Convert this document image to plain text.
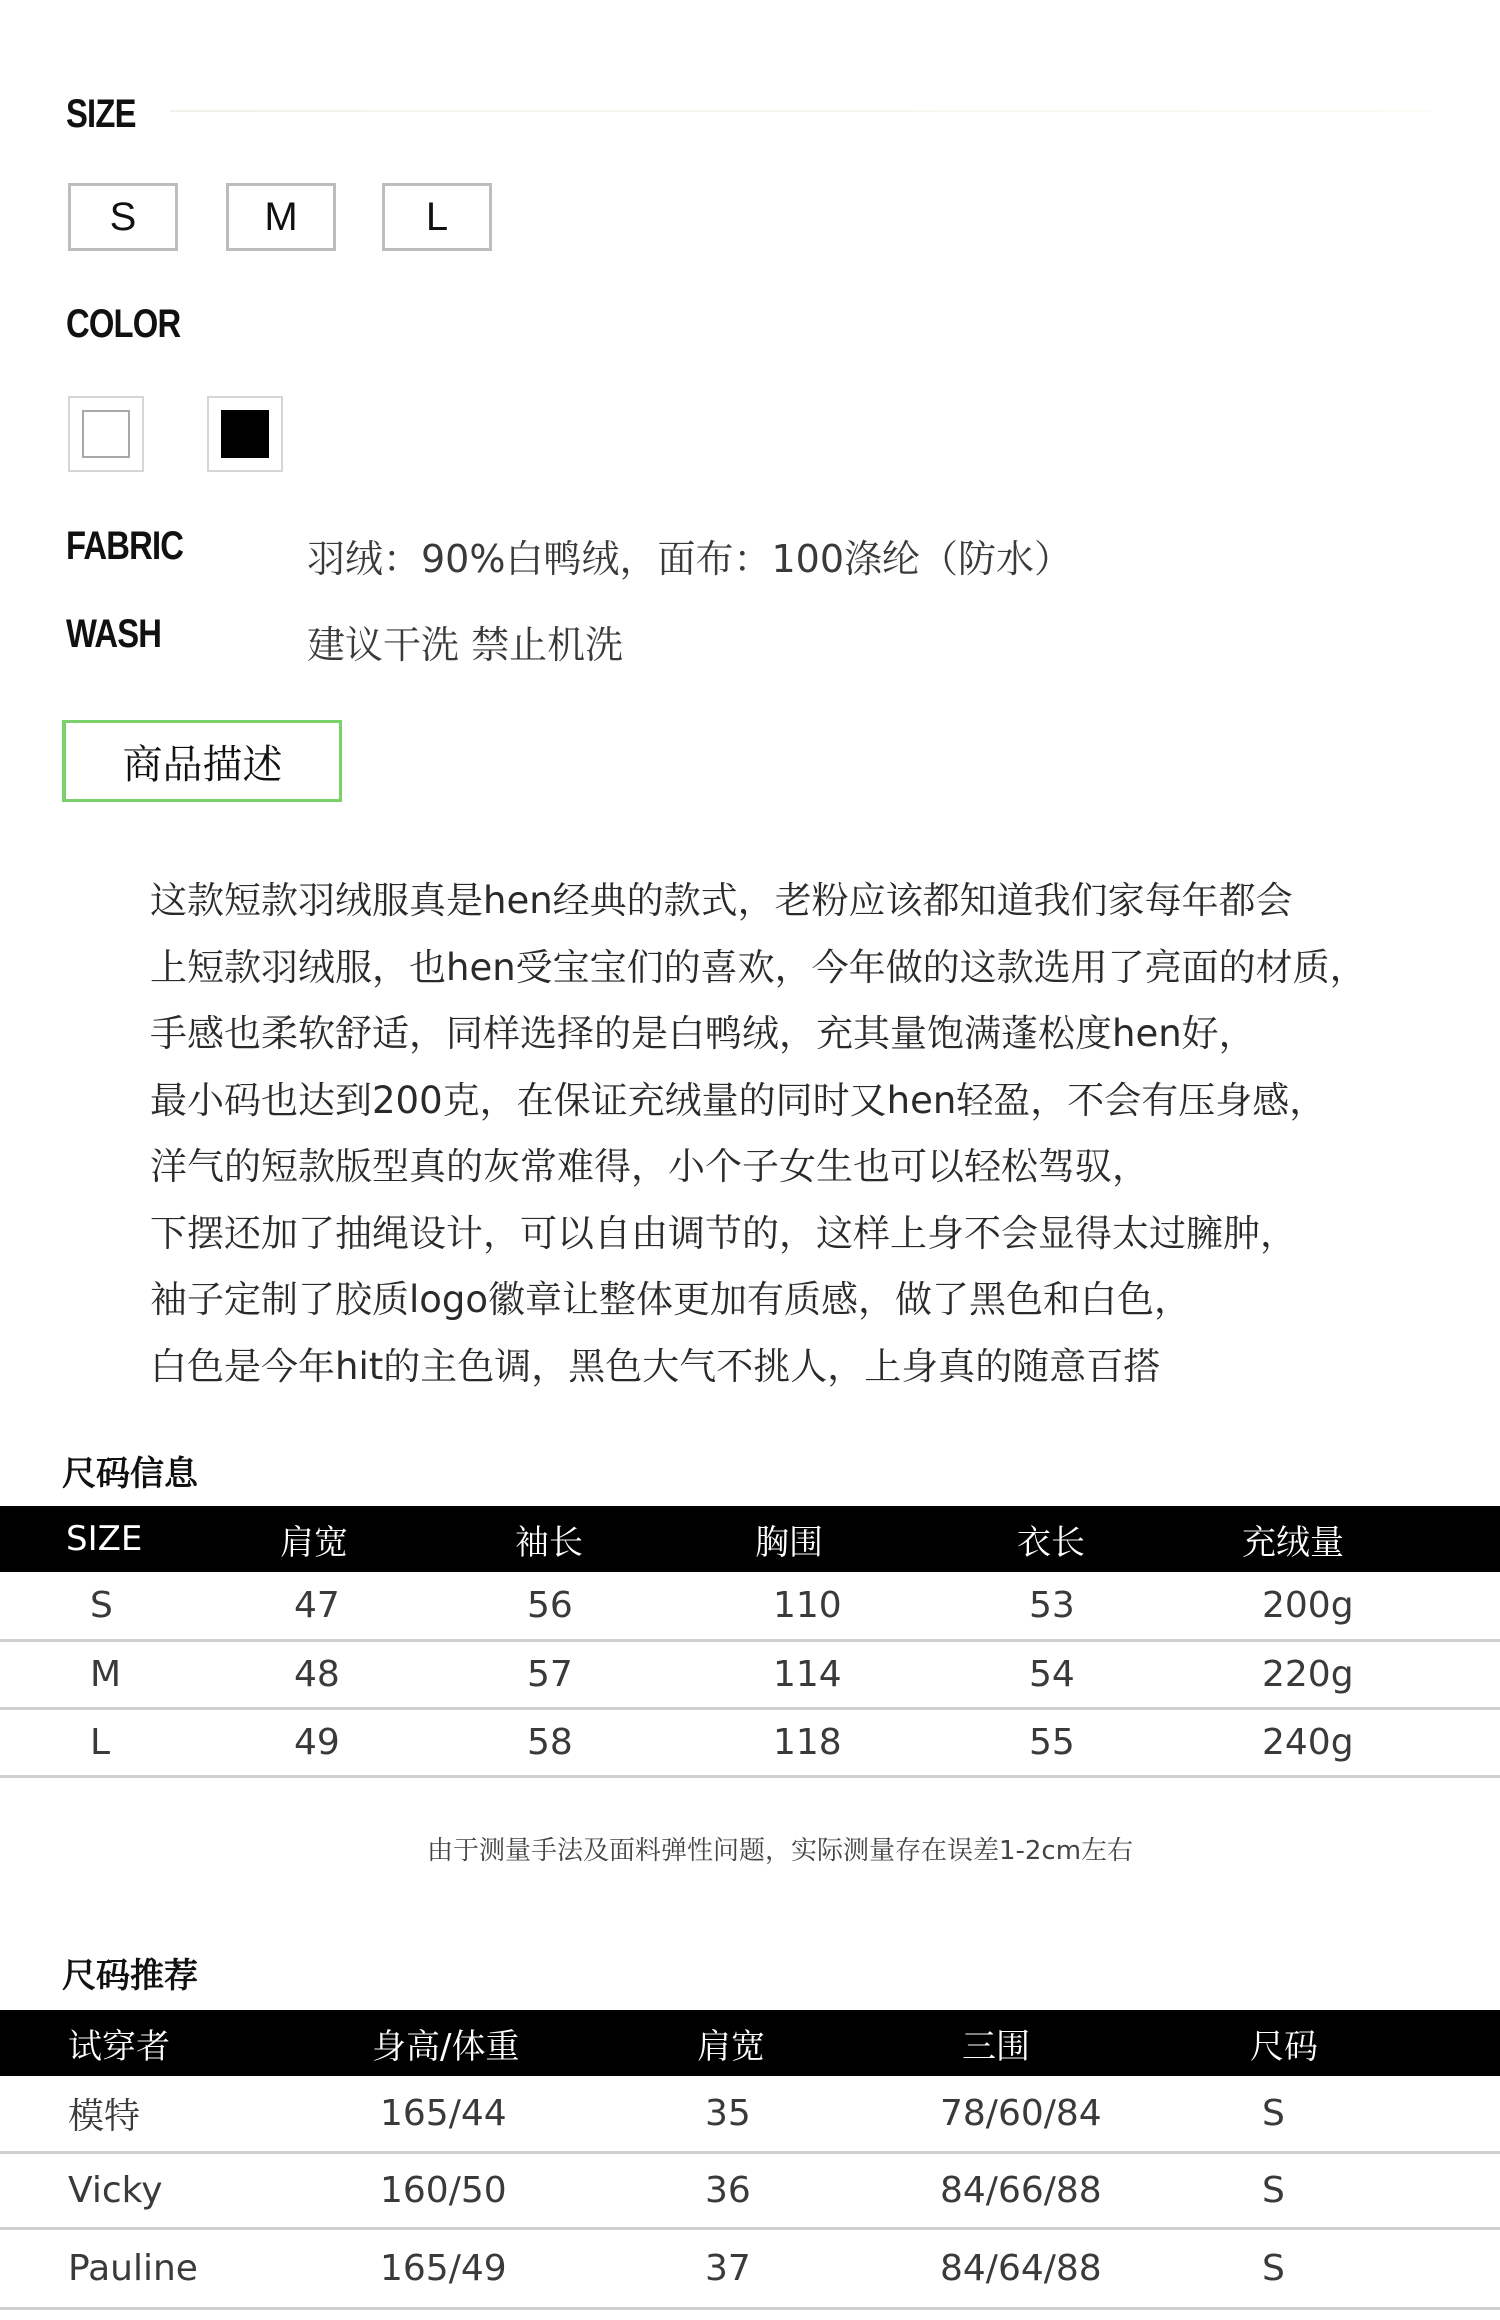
SIZE
S	M	L
COLOR
FABRIC	羽绒：90%白鸭绒，面布：100涤纶（防水）
WASH	建议干洗 禁止机洗
商品描述
这款短款羽绒服真是hen经典的款式，老粉应该都知道我们家每年都会
上短款羽绒服，也hen受宝宝们的喜欢，今年做的这款选用了亮面的材质，
手感也柔软舒适，同样选择的是白鸭绒，充其量饱满蓬松度hen好，
最小码也达到200克，在保证充绒量的同时又hen轻盈，不会有压身感，
洋气的短款版型真的灰常难得，小个子女生也可以轻松驾驭，
下摆还加了抽绳设计，可以自由调节的，这样上身不会显得太过臃肿，
袖子定制了胶质logo徽章让整体更加有质感，做了黑色和白色，
白色是今年hit的主色调，黑色大气不挑人，上身真的随意百搭
尺码信息
SIZE	肩宽	袖长	胸围	衣长	充绒量
S	47	56	110	53	200g
M	48	57	114	54	220g
L	49	58	118	55	240g
由于测量手法及面料弹性问题，实际测量存在误差1-2cm左右
尺码推荐
试穿者	身高/体重	肩宽	三围	尺码
模特	165/44	35	78/60/84	S
Vicky	160/50	36	84/66/88	S
Pauline	165/49	37	84/64/88	S
